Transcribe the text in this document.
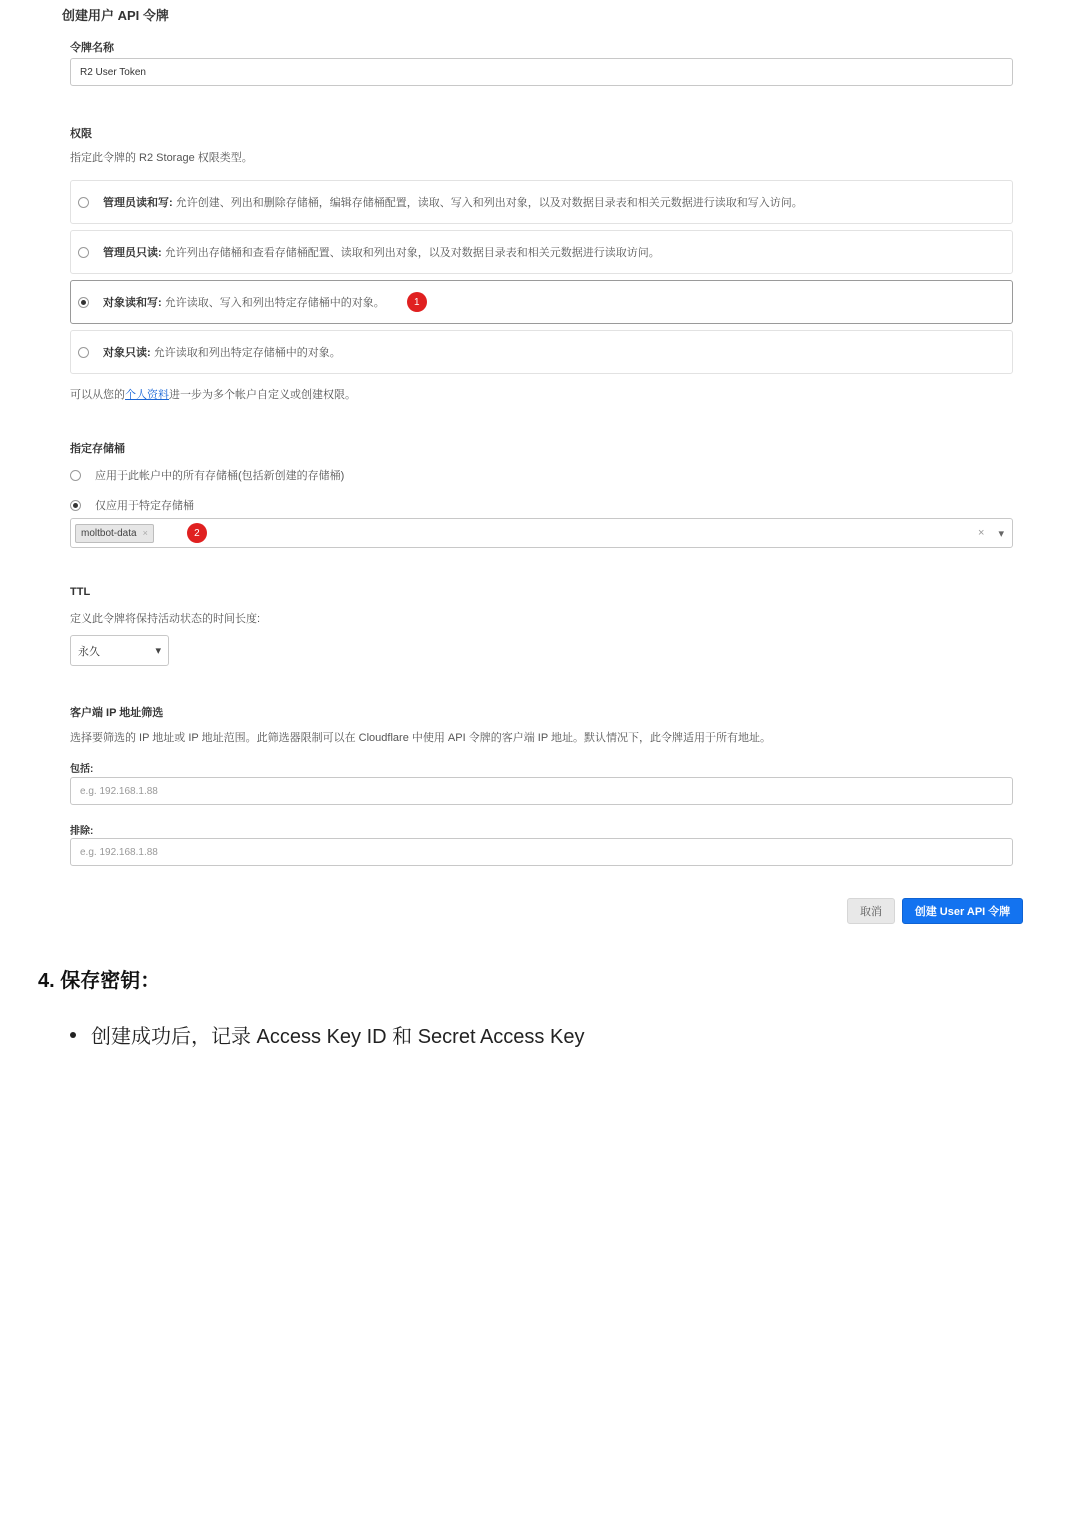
创建用户 API 令牌
令牌名称
R2 User Token
权限
指定此令牌的 R2 Storage 权限类型。
管理员读和写: 允许创建、列出和删除存储桶，编辑存储桶配置，读取、写入和列出对象，以及对数据目录表和相关元数据进行读取和写入访问。
管理员只读: 允许列出存储桶和查看存储桶配置、读取和列出对象，以及对数据目录表和相关元数据进行读取访问。
对象读和写: 允许读取、写入和列出特定存储桶中的对象。	1
对象只读: 允许读取和列出特定存储桶中的对象。
可以从您的个人资料进一步为多个帐户自定义或创建权限。
指定存储桶
应用于此帐户中的所有存储桶(包括新创建的存储桶)
仅应用于特定存储桶
moltbot-data ×	2	× ▾
TTL
定义此令牌将保持活动状态的时间长度:
永久	▾
客户端 IP 地址筛选
选择要筛选的 IP 地址或 IP 地址范围。此筛选器限制可以在 Cloudflare 中使用 API 令牌的客户端 IP 地址。默认情况下，此令牌适用于所有地址。
包括:
e.g. 192.168.1.88
排除:
e.g. 192.168.1.88
取消	创建 User API 令牌
4. 保存密钥：
创建成功后，记录 Access Key ID 和 Secret Access Key
